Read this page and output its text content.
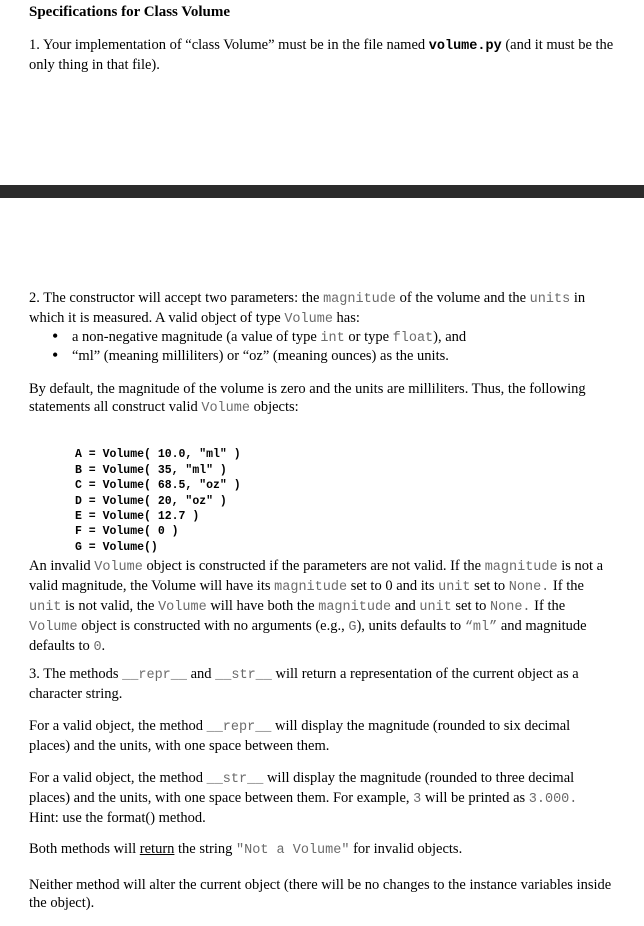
Specifications for Class Volume

1. Your implementation of “class Volume” must be in the file named volume.py (and it must be the only thing in that file).

2. The constructor will accept two parameters: the magnitude of the volume and the units in which it is measured. A valid object of type Volume has:

• a non-negative magnitude (a value of type int or type float), and

• “ml” (meaning milliliters) or “oz” (meaning ounces) as the units.

By default, the magnitude of the volume is zero and the units are milliliters. Thus, the following statements all construct valid Volume objects:

A = Volume( 10.0, "ml" )
B = Volume( 35, "ml" )
C = Volume( 68.5, "oz" )
D = Volume( 20, "oz" )
E = Volume( 12.7 )
F = Volume( 0 )
G = Volume()

An invalid Volume object is constructed if the parameters are not valid. If the magnitude is not a valid magnitude, the Volume will have its magnitude set to 0 and its unit set to None. If the unit is not valid, the Volume will have both the magnitude and unit set to None. If the Volume object is constructed with no arguments (e.g., G), units defaults to “ml” and magnitude defaults to 0.

3. The methods __repr__ and __str__ will return a representation of the current object as a character string.

For a valid object, the method __repr__ will display the magnitude (rounded to six decimal places) and the units, with one space between them.

For a valid object, the method __str__ will display the magnitude (rounded to three decimal places) and the units, with one space between them. For example, 3 will be printed as 3.000.
Hint: use the format() method.

Both methods will return the string "Not a Volume" for invalid objects.

Neither method will alter the current object (there will be no changes to the instance variables inside the object).
